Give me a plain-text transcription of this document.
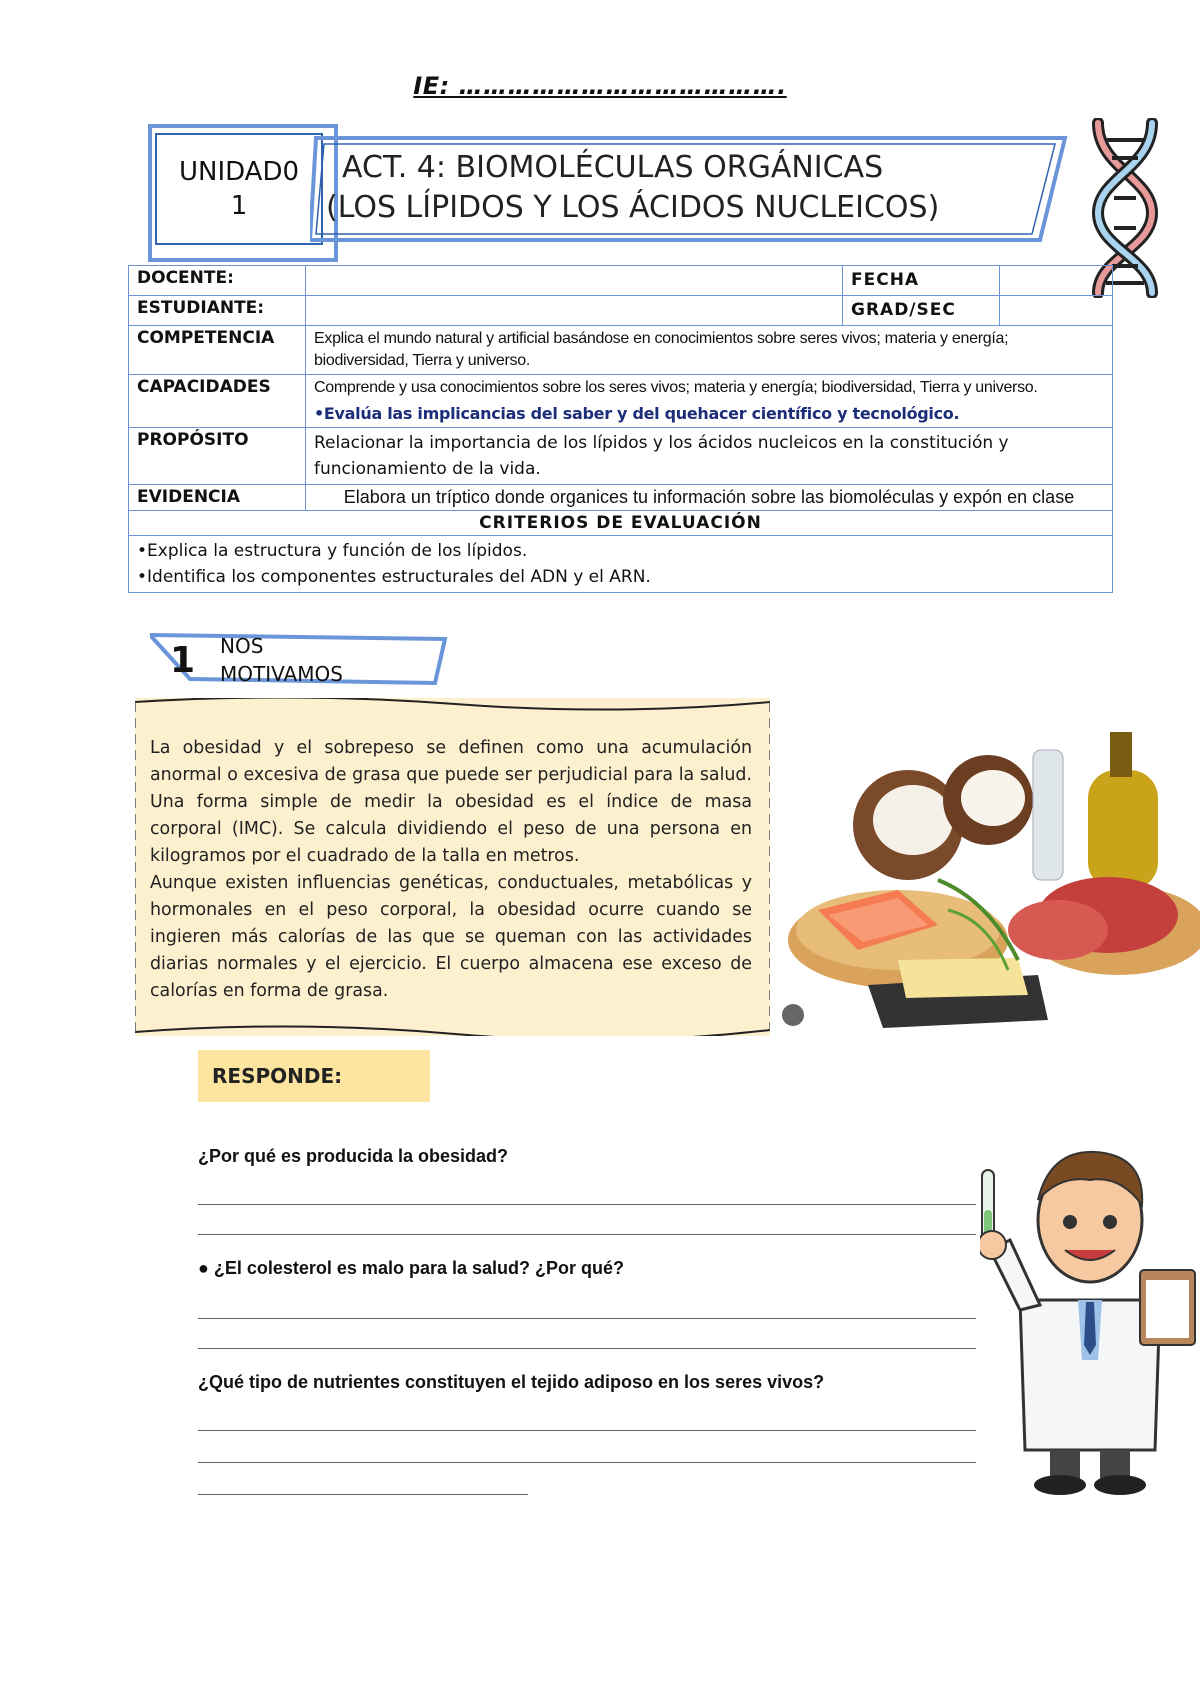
IE: ………………………………….
UNIDAD0
1
ACT. 4: BIOMOLÉCULAS ORGÁNICAS
(LOS LÍPIDOS Y LOS ÁCIDOS NUCLEICOS)
DOCENTE:		FECHA	
ESTUDIANTE:		GRAD/SEC	
COMPETENCIA	Explica el mundo natural y artificial basándose en conocimientos sobre seres vivos; materia y energía; biodiversidad, Tierra y universo.		
CAPACIDADES	Comprende y usa conocimientos sobre los seres vivos; materia y energía; biodiversidad, Tierra y universo.
•Evalúa las implicancias del saber y del quehacer científico y tecnológico.		

PROPÓSITO	Relacionar la importancia de los lípidos y los ácidos nucleicos en la constitución y funcionamiento de la vida.		
EVIDENCIA	Elabora un tríptico donde organices tu información sobre las biomoléculas y expón en clase		
CRITERIOS DE EVALUACIÓN			

•Explica la estructura y función de los lípidos.
•Identifica los componentes estructurales del ADN y el ARN.			
1 NOS
MOTIVAMOS
La obesidad y el sobrepeso se definen como una acumulación anormal o excesiva de grasa que puede ser perjudicial para la salud. Una forma simple de medir la obesidad es el índice de masa corporal (IMC). Se calcula dividiendo el peso de una persona en kilogramos por el cuadrado de la talla en metros.
Aunque existen influencias genéticas, conductuales, metabólicas y hormonales en el peso corporal, la obesidad ocurre cuando se ingieren más calorías de las que se queman con las actividades diarias normales y el ejercicio. El cuerpo almacena ese exceso de calorías en forma de grasa.
RESPONDE:
¿Por qué es producida la obesidad?
● ¿El colesterol es malo para la salud? ¿Por qué?
¿Qué tipo de nutrientes constituyen el tejido adiposo en los seres vivos?
